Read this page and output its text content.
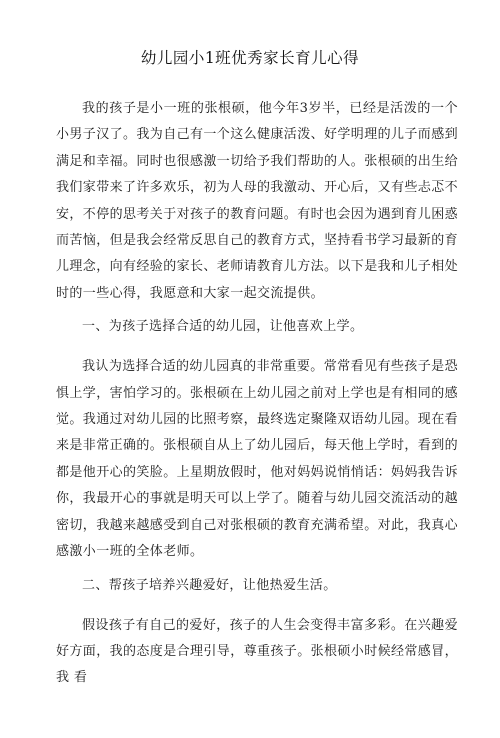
幼儿园小1班优秀家长育儿心得

我的孩子是小一班的张根硕，他今年3岁半，已经是活泼的一个 小男子汉了。我为自己有一个这么健康活泼、好学明理的儿子而感到 满足和幸福。同时也很感激一切给予我们帮助的人。张根硕的出生给 我们家带来了许多欢乐，初为人母的我激动、开心后，又有些忐忑不 安，不停的思考关于对孩子的教育问题。有时也会因为遇到育儿困惑 而苦恼，但是我会经常反思自己的教育方式，坚持看书学习最新的育 儿理念，向有经验的家长、老师请教育儿方法。以下是我和儿子相处 时的一些心得，我愿意和大家一起交流提供。

一、为孩子选择合适的幼儿园，让他喜欢上学。

我认为选择合适的幼儿园真的非常重要。常常看见有些孩子是恐 惧上学，害怕学习的。张根硕在上幼儿园之前对上学也是有相同的感 觉。我通过对幼儿园的比照考察，最终选定聚隆双语幼儿园。现在看 来是非常正确的。张根硕自从上了幼儿园后，每天他上学时，看到的 都是他开心的笑脸。上星期放假时，他对妈妈说悄悄话：妈妈我告诉 你，我最开心的事就是明天可以上学了。随着与幼儿园交流活动的越 密切，我越来越感受到自己对张根硕的教育充满希望。对此，我真心 感激小一班的全体老师。

二、帮孩子培养兴趣爱好，让他热爱生活。

假设孩子有自己的爱好，孩子的人生会变得丰富多彩。在兴趣爱好方面，我的态度是合理引导，尊重孩子。张根硕小时候经常感冒，我 看
